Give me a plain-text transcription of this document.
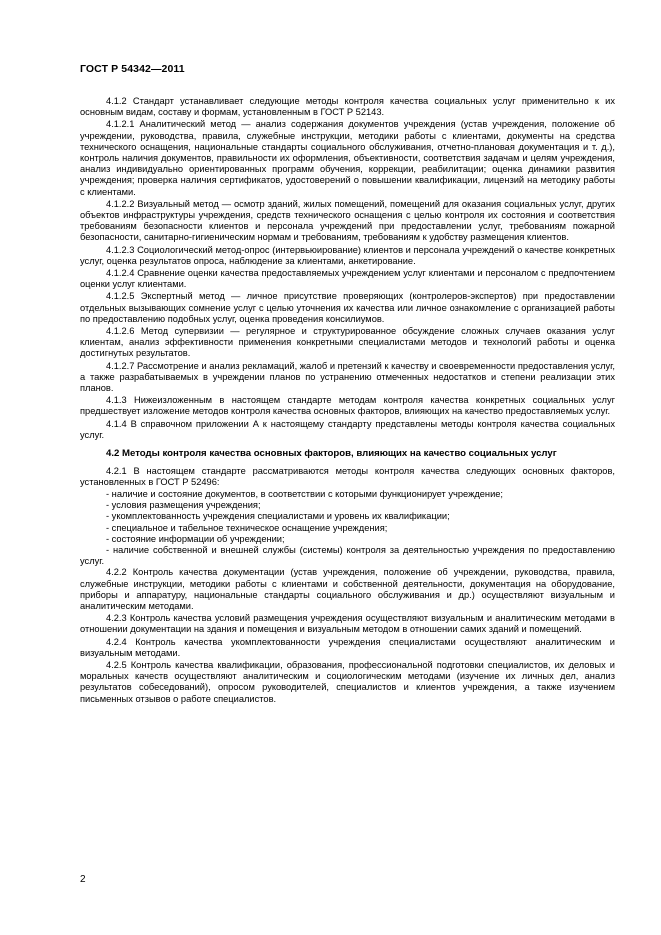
ГОСТ Р 54342—2011

4.1.2 Стандарт устанавливает следующие методы контроля качества социальных услуг применительно к их основным видам, составу и формам, установленным в ГОСТ Р 52143.

4.1.2.1 Аналитический метод — анализ содержания документов учреждения (устав учреждения, положение об учреждении, руководства, правила, служебные инструкции, методики работы с клиентами, документы на средства технического оснащения, национальные стандарты социального обслуживания, отчетно-плановая документация и т. д.), контроль наличия документов, правильности их оформления, объективности, соответствия задачам и целям учреждения, анализ индивидуально ориентированных программ обучения, коррекции, реабилитации; оценка динамики развития учреждения; проверка наличия сертификатов, удостоверений о повышении квалификации, лицензий на методику работы с клиентами.

4.1.2.2 Визуальный метод — осмотр зданий, жилых помещений, помещений для оказания социальных услуг, других объектов инфраструктуры учреждения, средств технического оснащения с целью контроля их состояния и соответствия требованиям безопасности клиентов и персонала учреждений при предоставлении услуг, требованиям пожарной безопасности, санитарно-гигиеническим нормам и требованиям, требованиям к удобству размещения клиентов.

4.1.2.3 Социологический метод-опрос (интервьюирование) клиентов и персонала учреждений о качестве конкретных услуг, оценка результатов опроса, наблюдение за клиентами, анкетирование.

4.1.2.4 Сравнение оценки качества предоставляемых учреждением услуг клиентами и персоналом с предпочтением оценки услуг клиентами.

4.1.2.5 Экспертный метод — личное присутствие проверяющих (контролеров-экспертов) при предоставлении отдельных вызывающих сомнение услуг с целью уточнения их качества или личное ознакомление с организацией работы по предоставлению подобных услуг, оценка проведения консилиумов.

4.1.2.6 Метод супервизии — регулярное и структурированное обсуждение сложных случаев оказания услуг клиентам, анализ эффективности применения конкретными специалистами методов и технологий работы и оценка достигнутых результатов.

4.1.2.7 Рассмотрение и анализ рекламаций, жалоб и претензий к качеству и своевременности предоставления услуг, а также разрабатываемых в учреждении планов по устранению отмеченных недостатков и степени реализации этих планов.

4.1.3 Нижеизложенным в настоящем стандарте методам контроля качества конкретных социальных услуг предшествует изложение методов контроля качества основных факторов, влияющих на качество предоставляемых услуг.

4.1.4 В справочном приложении А к настоящему стандарту представлены методы контроля качества социальных услуг.

4.2 Методы контроля качества основных факторов, влияющих на качество социальных услуг

4.2.1 В настоящем стандарте рассматриваются методы контроля качества следующих основных факторов, установленных в ГОСТ Р 52496:

- наличие и состояние документов, в соответствии с которыми функционирует учреждение;
- условия размещения учреждения;
- укомплектованность учреждения специалистами и уровень их квалификации;
- специальное и табельное техническое оснащение учреждения;
- состояние информации об учреждении;
- наличие собственной и внешней службы (системы) контроля за деятельностью учреждения по предоставлению услуг.

4.2.2 Контроль качества документации (устав учреждения, положение об учреждении, руководства, правила, служебные инструкции, методики работы с клиентами и собственной деятельности, документация на оборудование, приборы и аппаратуру, национальные стандарты социального обслуживания и др.) осуществляют визуальным и аналитическим методами.

4.2.3 Контроль качества условий размещения учреждения осуществляют визуальным и аналитическим методами в отношении документации на здания и помещения и визуальным методом в отношении самих зданий и помещений.

4.2.4 Контроль качества укомплектованности учреждения специалистами осуществляют аналитическим и визуальным методами.

4.2.5 Контроль качества квалификации, образования, профессиональной подготовки специалистов, их деловых и моральных качеств осуществляют аналитическим и социологическим методами (изучение их личных дел, анализ результатов собеседований), опросом руководителей, специалистов и клиентов учреждения, а также изучением письменных отзывов о работе специалистов.

2
